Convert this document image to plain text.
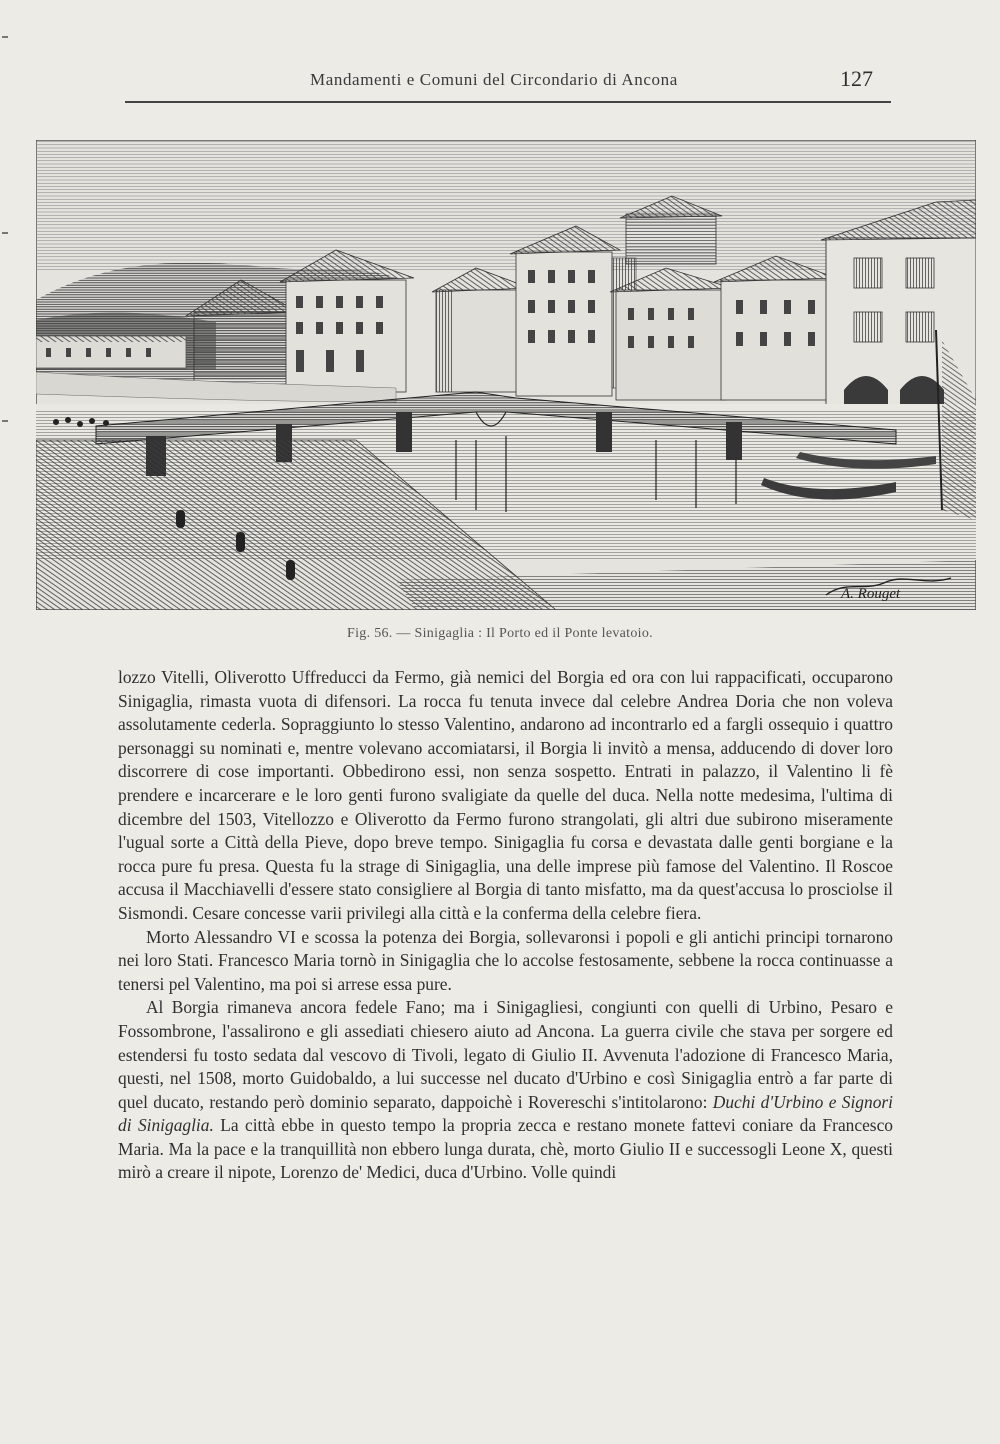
Mandamenti e Comuni del Circondario di Ancona	127
A. Rouget
Fig. 56. — Sinigaglia : Il Porto ed il Ponte levatoio.

lozzo Vitelli, Oliverotto Uffreducci da Fermo, già nemici del Borgia ed ora con lui rappacificati, occuparono Sinigaglia, rimasta vuota di difensori. La rocca fu tenuta invece dal celebre Andrea Doria che non voleva assolutamente cederla. Sopraggiunto lo stesso Valentino, andarono ad incontrarlo ed a fargli ossequio i quattro personaggi su nominati e, mentre volevano accomiatarsi, il Borgia li invitò a mensa, adducendo di dover loro discorrere di cose importanti. Obbedirono essi, non senza sospetto. Entrati in palazzo, il Valentino li fè prendere e incarcerare e le loro genti furono svaligiate da quelle del duca. Nella notte medesima, l'ultima di dicembre del 1503, Vitellozzo e Oliverotto da Fermo furono strangolati, gli altri due subirono miseramente l'ugual sorte a Città della Pieve, dopo breve tempo. Sinigaglia fu corsa e devastata dalle genti borgiane e la rocca pure fu presa. Questa fu la strage di Sinigaglia, una delle imprese più famose del Valentino. Il Roscoe accusa il Macchiavelli d'essere stato consigliere al Borgia di tanto misfatto, ma da quest'accusa lo prosciolse il Sismondi. Cesare concesse varii privilegi alla città e la conferma della celebre fiera.

Morto Alessandro VI e scossa la potenza dei Borgia, sollevaronsi i popoli e gli antichi principi tornarono nei loro Stati. Francesco Maria tornò in Sinigaglia che lo accolse festosamente, sebbene la rocca continuasse a tenersi pel Valentino, ma poi si arrese essa pure.

Al Borgia rimaneva ancora fedele Fano; ma i Sinigagliesi, congiunti con quelli di Urbino, Pesaro e Fossombrone, l'assalirono e gli assediati chiesero aiuto ad Ancona. La guerra civile che stava per sorgere ed estendersi fu tosto sedata dal vescovo di Tivoli, legato di Giulio II. Avvenuta l'adozione di Francesco Maria, questi, nel 1508, morto Guidobaldo, a lui successe nel ducato d'Urbino e così Sinigaglia entrò a far parte di quel ducato, restando però dominio separato, dappoichè i Rovereschi s'intitolarono: Duchi d'Urbino e Signori di Sinigaglia. La città ebbe in questo tempo la propria zecca e restano monete fattevi coniare da Francesco Maria. Ma la pace e la tranquillità non ebbero lunga durata, chè, morto Giulio II e successogli Leone X, questi mirò a creare il nipote, Lorenzo de' Medici, duca d'Urbino. Volle quindi
